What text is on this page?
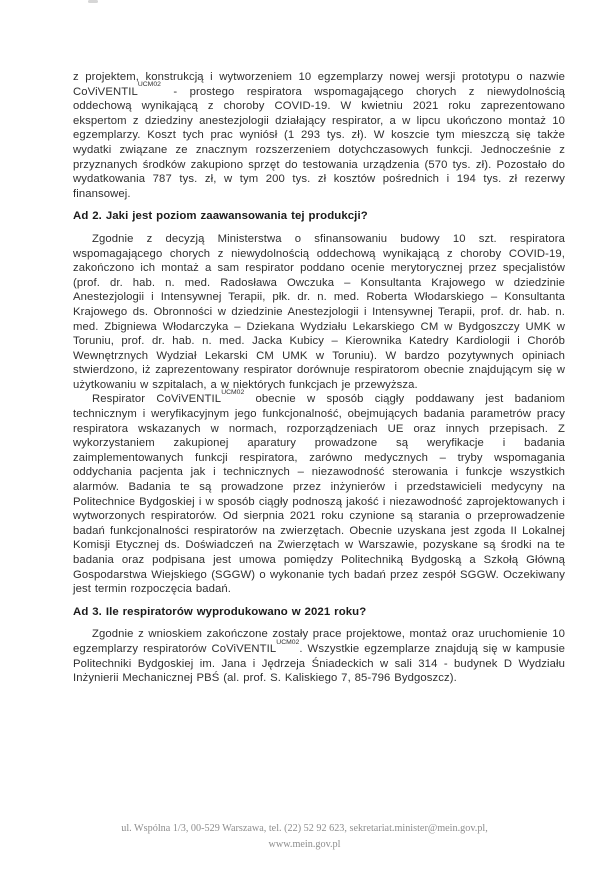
z projektem, konstrukcją i wytworzeniem 10 egzemplarzy nowej wersji prototypu o nazwie CoViVENTIL$^{UCM02}$ - prostego respiratora wspomagającego chorych z niewydolnością oddechową wynikającą z choroby COVID-19. W kwietniu 2021 roku zaprezentowano ekspertom z dziedziny anestezjologii działający respirator, a w lipcu ukończono montaż 10 egzemplarzy. Koszt tych prac wyniósł (1 293 tys. zł). W koszcie tym mieszczą się także wydatki związane ze znacznym rozszerzeniem dotychczasowych funkcji. Jednocześnie z przyznanych środków zakupiono sprzęt do testowania urządzenia (570 tys. zł). Pozostało do wydatkowania 787 tys. zł, w tym 200 tys. zł kosztów pośrednich i 194 tys. zł rezerwy finansowej.

Ad 2. Jaki jest poziom zaawansowania tej produkcji?

Zgodnie z decyzją Ministerstwa o sfinansowaniu budowy 10 szt. respiratora wspomagającego chorych z niewydolnością oddechową wynikającą z choroby COVID-19, zakończono ich montaż a sam respirator poddano ocenie merytorycznej przez specjalistów (prof. dr. hab. n. med. Radosława Owczuka – Konsultanta Krajowego w dziedzinie Anestezjologii i Intensywnej Terapii, płk. dr. n. med. Roberta Włodarskiego – Konsultanta Krajowego ds. Obronności w dziedzinie Anestezjologii i Intensywnej Terapii, prof. dr. hab. n. med. Zbigniewa Włodarczyka – Dziekana Wydziału Lekarskiego CM w Bydgoszczy UMK w Toruniu, prof. dr. hab. n. med. Jacka Kubicy – Kierownika Katedry Kardiologii i Chorób Wewnętrznych Wydział Lekarski CM UMK w Toruniu). W bardzo pozytywnych opiniach stwierdzono, iż zaprezentowany respirator dorównuje respiratorom obecnie znajdującym się w użytkowaniu w szpitalach, a w niektórych funkcjach je przewyższa.

Respirator CoViVENTIL$^{UCM02}$ obecnie w sposób ciągły poddawany jest badaniom technicznym i weryfikacyjnym jego funkcjonalność, obejmujących badania parametrów pracy respiratora wskazanych w normach, rozporządzeniach UE oraz innych przepisach. Z wykorzystaniem zakupionej aparatury prowadzone są weryfikacje i badania zaimplementowanych funkcji respiratora, zarówno medycznych – tryby wspomagania oddychania pacjenta jak i technicznych – niezawodność sterowania i funkcje wszystkich alarmów. Badania te są prowadzone przez inżynierów i przedstawicieli medycyny na Politechnice Bydgoskiej i w sposób ciągły podnoszą jakość i niezawodność zaprojektowanych i wytworzonych respiratorów. Od sierpnia 2021 roku czynione są starania o przeprowadzenie badań funkcjonalności respiratorów na zwierzętach. Obecnie uzyskana jest zgoda II Lokalnej Komisji Etycznej ds. Doświadczeń na Zwierzętach w Warszawie, pozyskane są środki na te badania oraz podpisana jest umowa pomiędzy Politechniką Bydgoską a Szkołą Główną Gospodarstwa Wiejskiego (SGGW) o wykonanie tych badań przez zespół SGGW. Oczekiwany jest termin rozpoczęcia badań.

Ad 3. Ile respiratorów wyprodukowano w 2021 roku?

Zgodnie z wnioskiem zakończone zostały prace projektowe, montaż oraz uruchomienie 10 egzemplarzy respiratorów CoViVENTIL$^{UCM02}$. Wszystkie egzemplarze znajdują się w kampusie Politechniki Bydgoskiej im. Jana i Jędrzeja Śniadeckich w sali 314 - budynek D Wydziału Inżynierii Mechanicznej PBŚ (al. prof. S. Kaliskiego 7, 85-796 Bydgoszcz).

ul. Wspólna 1/3, 00-529 Warszawa, tel. (22) 52 92 623, sekretariat.minister@mein.gov.pl,
www.mein.gov.pl
